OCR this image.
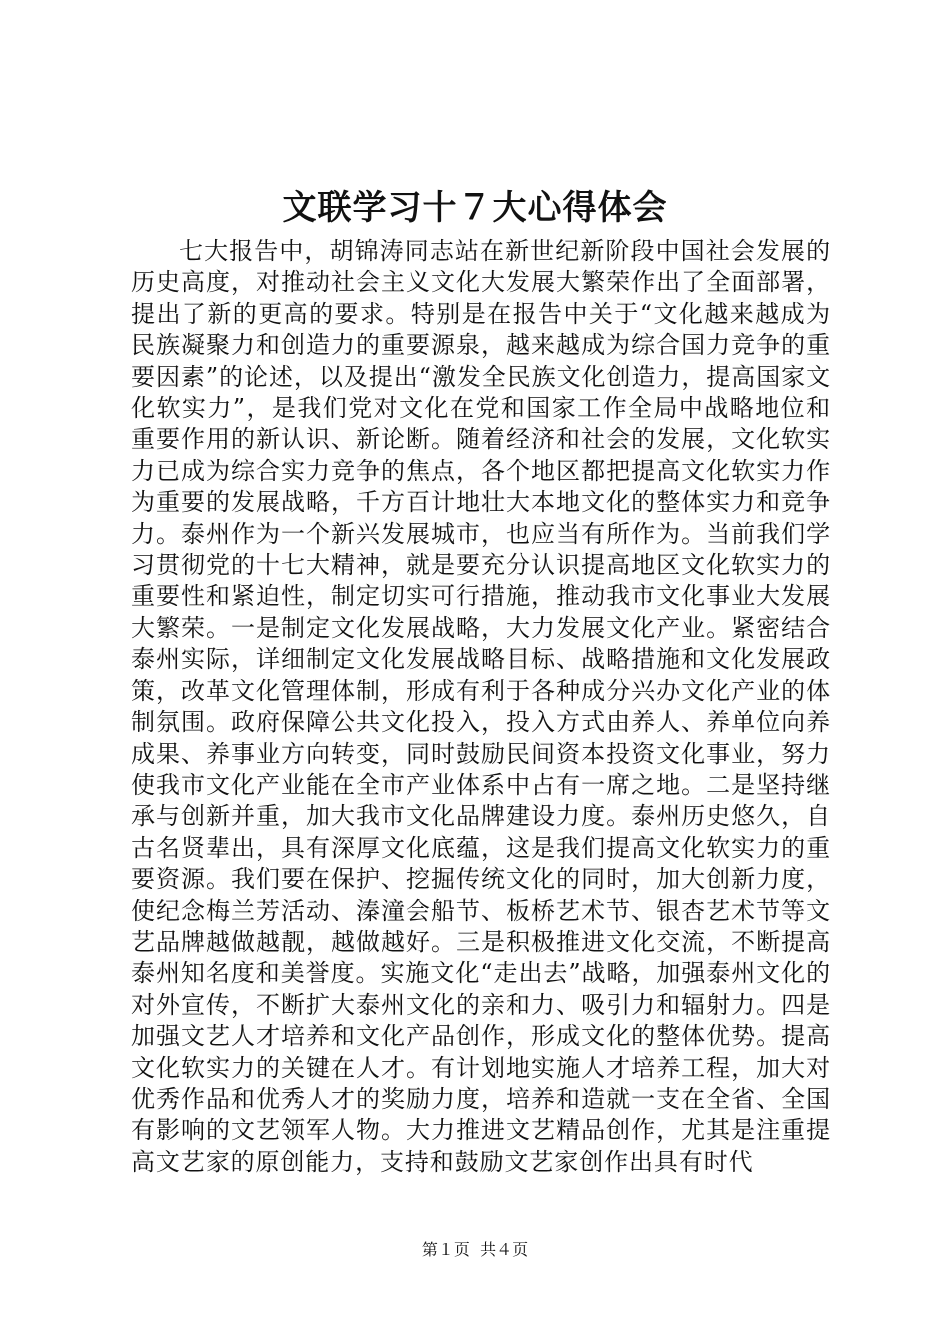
文联学习十７大心得体会

七大报告中，胡锦涛同志站在新世纪新阶段中国社会发展的历史高度，对推动社会主义文化大发展大繁荣作出了全面部署，提出了新的更高的要求。特别是在报告中关于“文化越来越成为民族凝聚力和创造力的重要源泉，越来越成为综合国力竞争的重要因素”的论述，以及提出“激发全民族文化创造力，提高国家文化软实力”，是我们党对文化在党和国家工作全局中战略地位和重要作用的新认识、新论断。随着经济和社会的发展，文化软实力已成为综合实力竞争的焦点，各个地区都把提高文化软实力作为重要的发展战略，千方百计地壮大本地文化的整体实力和竞争力。泰州作为一个新兴发展城市，也应当有所作为。当前我们学习贯彻党的十七大精神，就是要充分认识提高地区文化软实力的重要性和紧迫性，制定切实可行措施，推动我市文化事业大发展大繁荣。一是制定文化发展战略，大力发展文化产业。紧密结合泰州实际，详细制定文化发展战略目标、战略措施和文化发展政策，改革文化管理体制，形成有利于各种成分兴办文化产业的体制氛围。政府保障公共文化投入，投入方式由养人、养单位向养成果、养事业方向转变，同时鼓励民间资本投资文化事业，努力使我市文化产业能在全市产业体系中占有一席之地。二是坚持继承与创新并重，加大我市文化品牌建设力度。泰州历史悠久，自古名贤辈出，具有深厚文化底蕴，这是我们提高文化软实力的重要资源。我们要在保护、挖掘传统文化的同时，加大创新力度，使纪念梅兰芳活动、溱潼会船节、板桥艺术节、银杏艺术节等文艺品牌越做越靓，越做越好。三是积极推进文化交流，不断提高泰州知名度和美誉度。实施文化“走出去”战略，加强泰州文化的对外宣传，不断扩大泰州文化的亲和力、吸引力和辐射力。四是加强文艺人才培养和文化产品创作，形成文化的整体优势。提高文化软实力的关键在人才。有计划地实施人才培养工程，加大对优秀作品和优秀人才的奖励力度，培养和造就一支在全省、全国有影响的文艺领军人物。大力推进文艺精品创作，尤其是注重提高文艺家的原创能力，支持和鼓励文艺家创作出具有时代

第１页  共４页
